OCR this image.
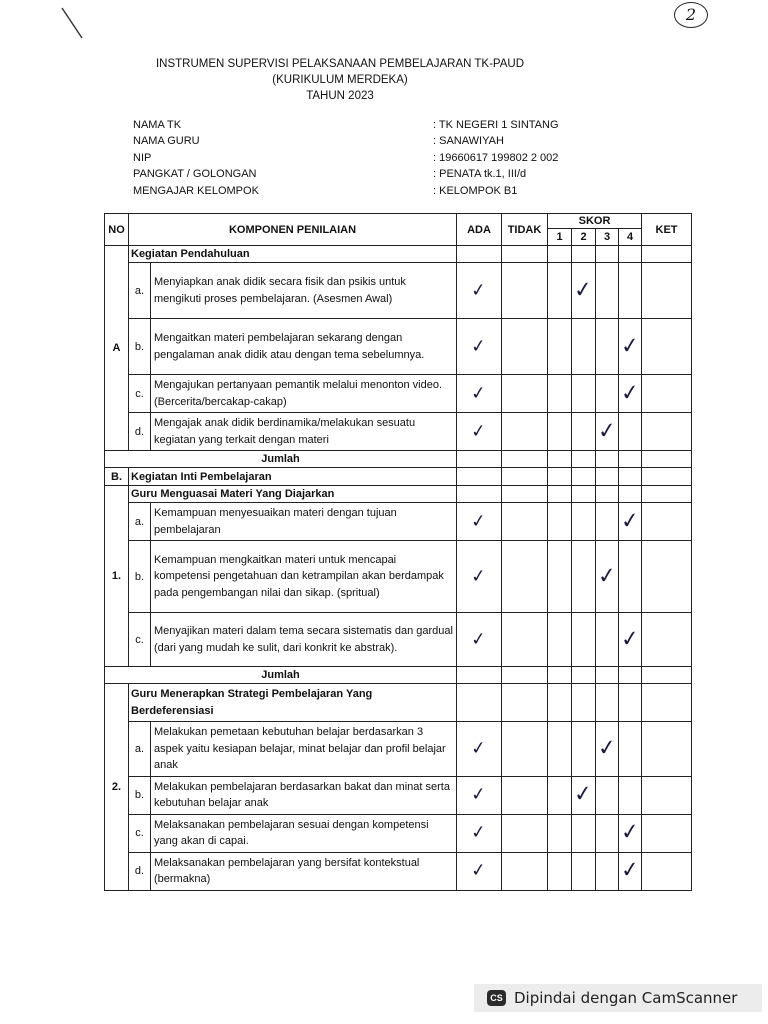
2
INSTRUMEN SUPERVISI PELAKSANAAN PEMBELAJARAN TK-PAUD
(KURIKULUM MERDEKA)
TAHUN 2023
NAMA TK	: TK NEGERI 1 SINTANG
NAMA GURU	: SANAWIYAH
NIP	: 19660617 199802 2 002
PANGKAT / GOLONGAN	: PENATA tk.1, III/d
MENGAJAR KELOMPOK	: KELOMPOK B1
NO	KOMPONEN PENILAIAN		ADA	TIDAK	SKOR				KET
					1	2	3	4	
A	Kegiatan Pendahuluan								
	a.	Menyiapkan anak didik secara fisik dan psikis untuk mengikuti proses pembelajaran. (Asesmen Awal)	✓			✓			
	b.	Mengaitkan materi pembelajaran sekarang dengan pengalaman anak didik atau dengan tema sebelumnya.	✓					✓	
	c.	Mengajukan pertanyaan pemantik melalui menonton video. (Bercerita/bercakap-cakap)	✓					✓	
	d.	Mengajak anak didik berdinamika/melakukan sesuatu kegiatan yang terkait dengan materi	✓				✓		
Jumlah									
B.	Kegiatan Inti Pembelajaran								
1.	Guru Menguasai Materi Yang Diajarkan								
	a.	Kemampuan menyesuaikan materi dengan tujuan pembelajaran	✓					✓	
	b.	Kemampuan mengkaitkan materi untuk mencapai kompetensi pengetahuan dan ketrampilan akan berdampak pada pengembangan nilai dan sikap. (spritual)	✓				✓		
	c.	Menyajikan materi dalam tema secara sistematis dan gardual (dari yang mudah ke sulit, dari konkrit ke abstrak).	✓					✓	
Jumlah									
2.	Guru Menerapkan Strategi Pembelajaran Yang Berdeferensiasi								
	a.	Melakukan pemetaan kebutuhan belajar berdasarkan 3 aspek yaitu kesiapan belajar, minat belajar dan profil belajar anak	✓				✓		
	b.	Melakukan pembelajaran berdasarkan bakat dan minat serta kebutuhan belajar anak	✓			✓			
	c.	Melaksanakan pembelajaran sesuai dengan kompetensi yang akan di capai.	✓					✓	
	d.	Melaksanakan pembelajaran yang bersifat kontekstual (bermakna)	✓					✓	
CS Dipindai dengan CamScanner
